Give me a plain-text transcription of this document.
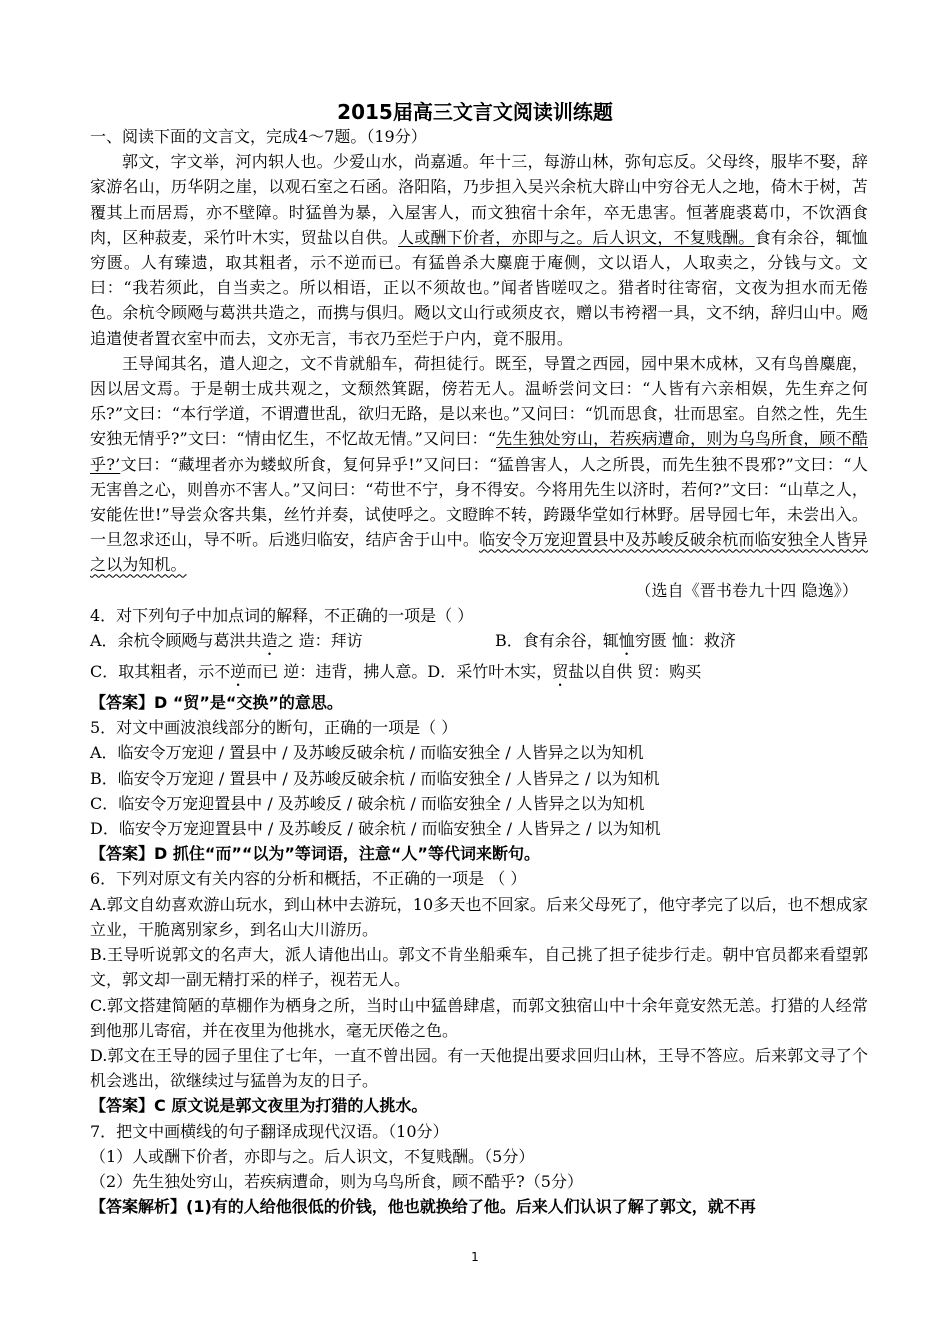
2015届高三文言文阅读训练题

一、阅读下面的文言文，完成4～7题。（19分）

郭文，字文举，河内轵人也。少爱山水，尚嘉遁。年十三，每游山林，弥旬忘反。父母终，服毕不娶，辞家游名山，历华阴之崖，以观石室之石函。洛阳陷，乃步担入吴兴余杭大辟山中穷谷无人之地，倚木于树，苫覆其上而居焉，亦不壁障。时猛兽为暴，入屋害人，而文独宿十余年，卒无患害。恒著鹿裘葛巾，不饮酒食肉，区种菽麦，采竹叶木实，贸盐以自供。人或酬下价者，亦即与之。后人识文，不复贱酬。食有余谷，辄恤穷匮。人有臻遗，取其粗者，示不逆而已。有猛兽杀大麋鹿于庵侧，文以语人，人取卖之，分钱与文。文曰：“我若须此，自当卖之。所以相语，正以不须故也。”闻者皆嗟叹之。猎者时往寄宿，文夜为担水而无倦色。余杭令顾飏与葛洪共造之，而携与俱归。飏以文山行或须皮衣，赠以韦袴褶一具，文不纳，辞归山中。飏追遣使者置衣室中而去，文亦无言，韦衣乃至烂于户内，竟不服用。

王导闻其名，遣人迎之，文不肯就船车，荷担徒行。既至，导置之西园，园中果木成林，又有鸟兽麋鹿，因以居文焉。于是朝士成共观之，文颓然箕踞，傍若无人。温峤尝问文曰：“人皆有六亲相娱，先生弃之何乐?”文曰：“本行学道，不谓遭世乱，欲归无路，是以来也。”又问曰：“饥而思食，壮而思室。自然之性，先生安独无情乎?”文曰：“情由忆生，不忆故无情。”又问曰：“先生独处穷山，若疾病遭命，则为乌鸟所食，顾不酷乎?’文曰：“藏埋者亦为蝼蚁所食，复何异乎!”又问曰：“猛兽害人，人之所畏，而先生独不畏邪?”文曰：“人无害兽之心，则兽亦不害人。”又问曰：“苟世不宁，身不得安。今将用先生以济时，若何?”文曰：“山草之人，安能佐世!”导尝众客共集，丝竹并奏，试使呼之。文瞪眸不转，跨蹑华堂如行林野。居导园七年，未尝出入。一旦忽求还山，导不听。后逃归临安，结庐舍于山中。临安令万宠迎置县中及苏峻反破余杭而临安独全人皆异之以为知机。

（选自《晋书卷九十四 隐逸》）

4．对下列句子中加点词的解释，不正确的一项是（ ）

A．余杭令顾飏与葛洪共造之 造：拜访	B．食有余谷，辄恤穷匮 恤：救济

C．取其粗者，示不逆而已 逆：违背，拂人意。 D．采竹叶木实，贸盐以自供 贸：购买

【答案】D “贸”是“交换”的意思。

5．对文中画波浪线部分的断句，正确的一项是（ ）

A．临安令万宠迎 / 置县中 / 及苏峻反破余杭 / 而临安独全 / 人皆异之以为知机

B．临安令万宠迎 / 置县中 / 及苏峻反破余杭 / 而临安独全 / 人皆异之 / 以为知机

C．临安令万宠迎置县中 / 及苏峻反 / 破余杭 / 而临安独全 / 人皆异之以为知机

D．临安令万宠迎置县中 / 及苏峻反 / 破余杭 / 而临安独全 / 人皆异之 / 以为知机

【答案】D 抓住“而”“以为”等词语，注意“人”等代词来断句。

6．下列对原文有关内容的分析和概括，不正确的一项是 （ ）

A.郭文自幼喜欢游山玩水，到山林中去游玩，10多天也不回家。后来父母死了，他守孝完了以后，也不想成家立业，干脆离别家乡，到名山大川游历。

B.王导听说郭文的名声大，派人请他出山。郭文不肯坐船乘车，自己挑了担子徒步行走。朝中官员都来看望郭文，郭文却一副无精打采的样子，视若无人。

C.郭文搭建简陋的草棚作为栖身之所，当时山中猛兽肆虐，而郭文独宿山中十余年竟安然无恙。打猎的人经常到他那儿寄宿，并在夜里为他挑水，毫无厌倦之色。

D.郭文在王导的园子里住了七年，一直不曾出园。有一天他提出要求回归山林，王导不答应。后来郭文寻了个机会逃出，欲继续过与猛兽为友的日子。

【答案】C 原文说是郭文夜里为打猎的人挑水。

7．把文中画横线的句子翻译成现代汉语。（10分）

（1）人或酬下价者，亦即与之。后人识文，不复贱酬。（5分）

（2）先生独处穷山，若疾病遭命，则为乌鸟所食，顾不酷乎?（5分）

【答案解析】(1)有的人给他很低的价钱，他也就换给了他。后来人们认识了解了郭文，就不再

1
